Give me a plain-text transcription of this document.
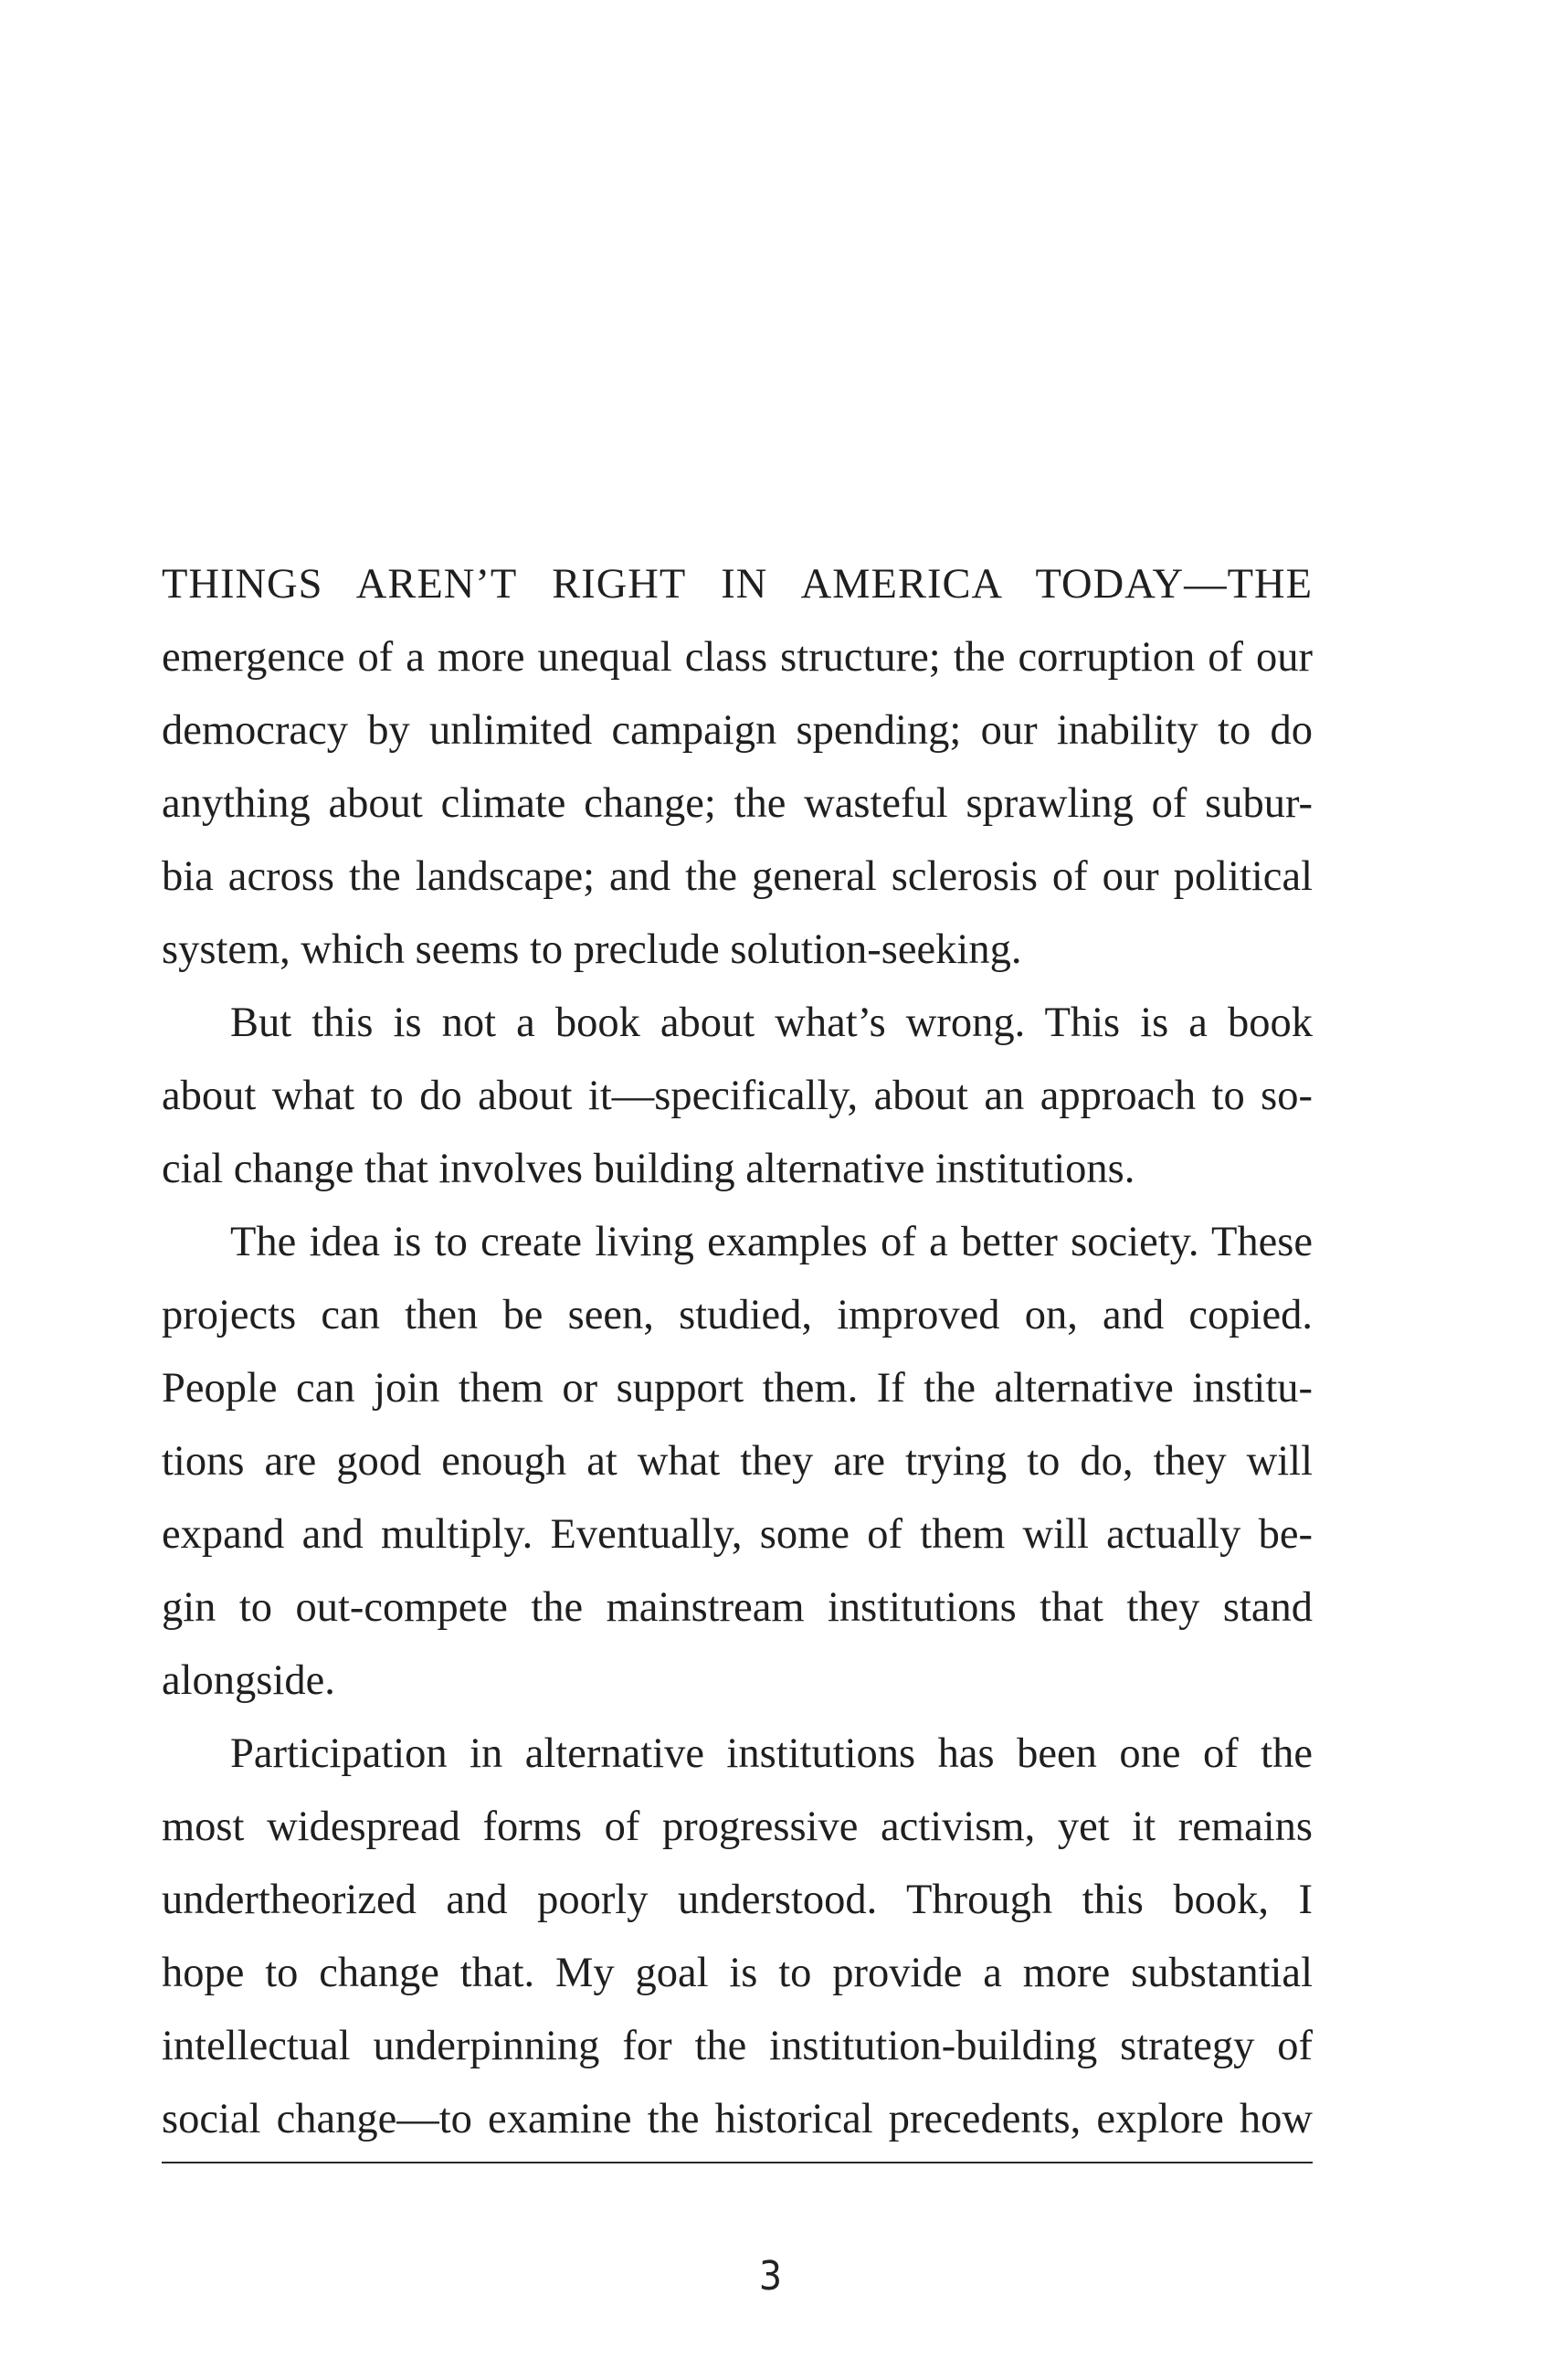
THINGS AREN’T RIGHT IN AMERICA TODAY—THE
emergence of a more unequal class structure; the corruption of our
democracy by unlimited campaign spending; our inability to do
anything about climate change; the wasteful sprawling of subur-
bia across the landscape; and the general sclerosis of our political
system, which seems to preclude solution-seeking.
But this is not a book about what’s wrong. This is a book
about what to do about it—specifically, about an approach to so-
cial change that involves building alternative institutions.
The idea is to create living examples of a better society. These
projects can then be seen, studied, improved on, and copied.
People can join them or support them. If the alternative institu-
tions are good enough at what they are trying to do, they will
expand and multiply. Eventually, some of them will actually be-
gin to out-compete the mainstream institutions that they stand
alongside.
Participation in alternative institutions has been one of the
most widespread forms of progressive activism, yet it remains
undertheorized and poorly understood. Through this book, I
hope to change that. My goal is to provide a more substantial
intellectual underpinning for the institution-building strategy of
social change—to examine the historical precedents, explore how
3
